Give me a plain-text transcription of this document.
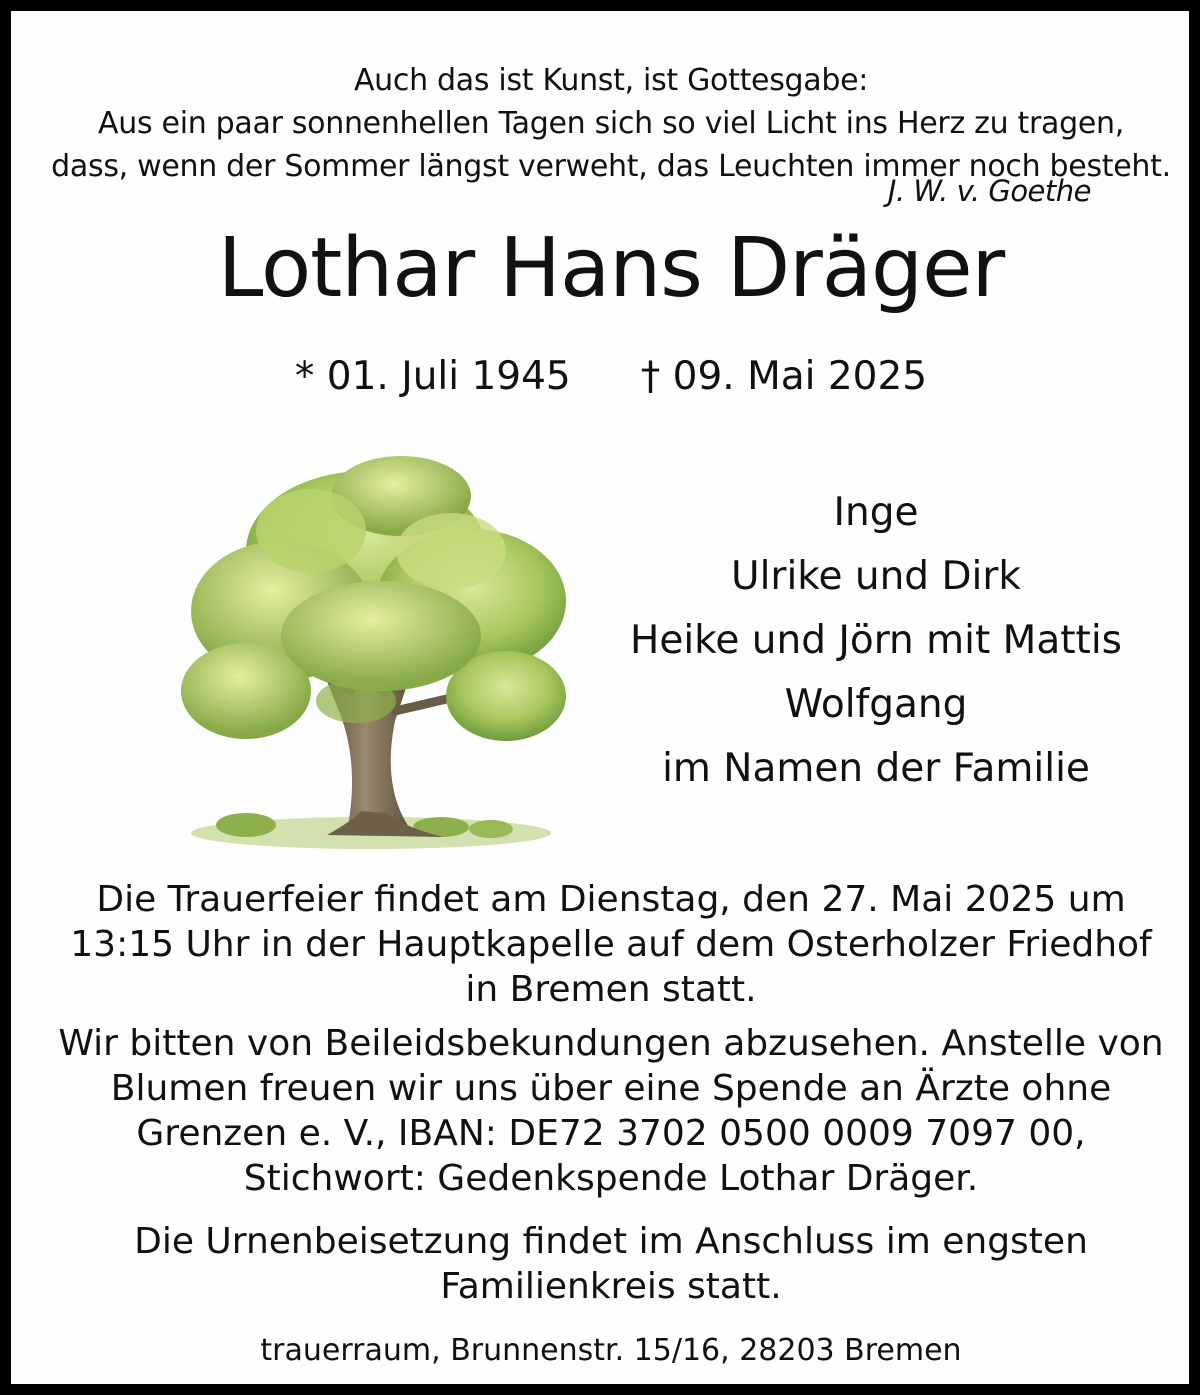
Auch das ist Kunst, ist Gottesgabe:
Aus ein paar sonnenhellen Tagen sich so viel Licht ins Herz zu tragen,
dass, wenn der Sommer längst verweht, das Leuchten immer noch besteht.
J. W. v. Goethe
Lothar Hans Dräger
* 01. Juli 1945 † 09. Mai 2025
Inge
Ulrike und Dirk
Heike und Jörn mit Mattis
Wolfgang
im Namen der Familie
Die Trauerfeier findet am Dienstag, den 27. Mai 2025 um
13:15 Uhr in der Hauptkapelle auf dem Osterholzer Friedhof
in Bremen statt.
Wir bitten von Beileidsbekundungen abzusehen. Anstelle von
Blumen freuen wir uns über eine Spende an Ärzte ohne
Grenzen e. V., IBAN: DE72 3702 0500 0009 7097 00,
Stichwort: Gedenkspende Lothar Dräger.
Die Urnenbeisetzung findet im Anschluss im engsten
Familienkreis statt.
trauerraum, Brunnenstr. 15/16, 28203 Bremen
